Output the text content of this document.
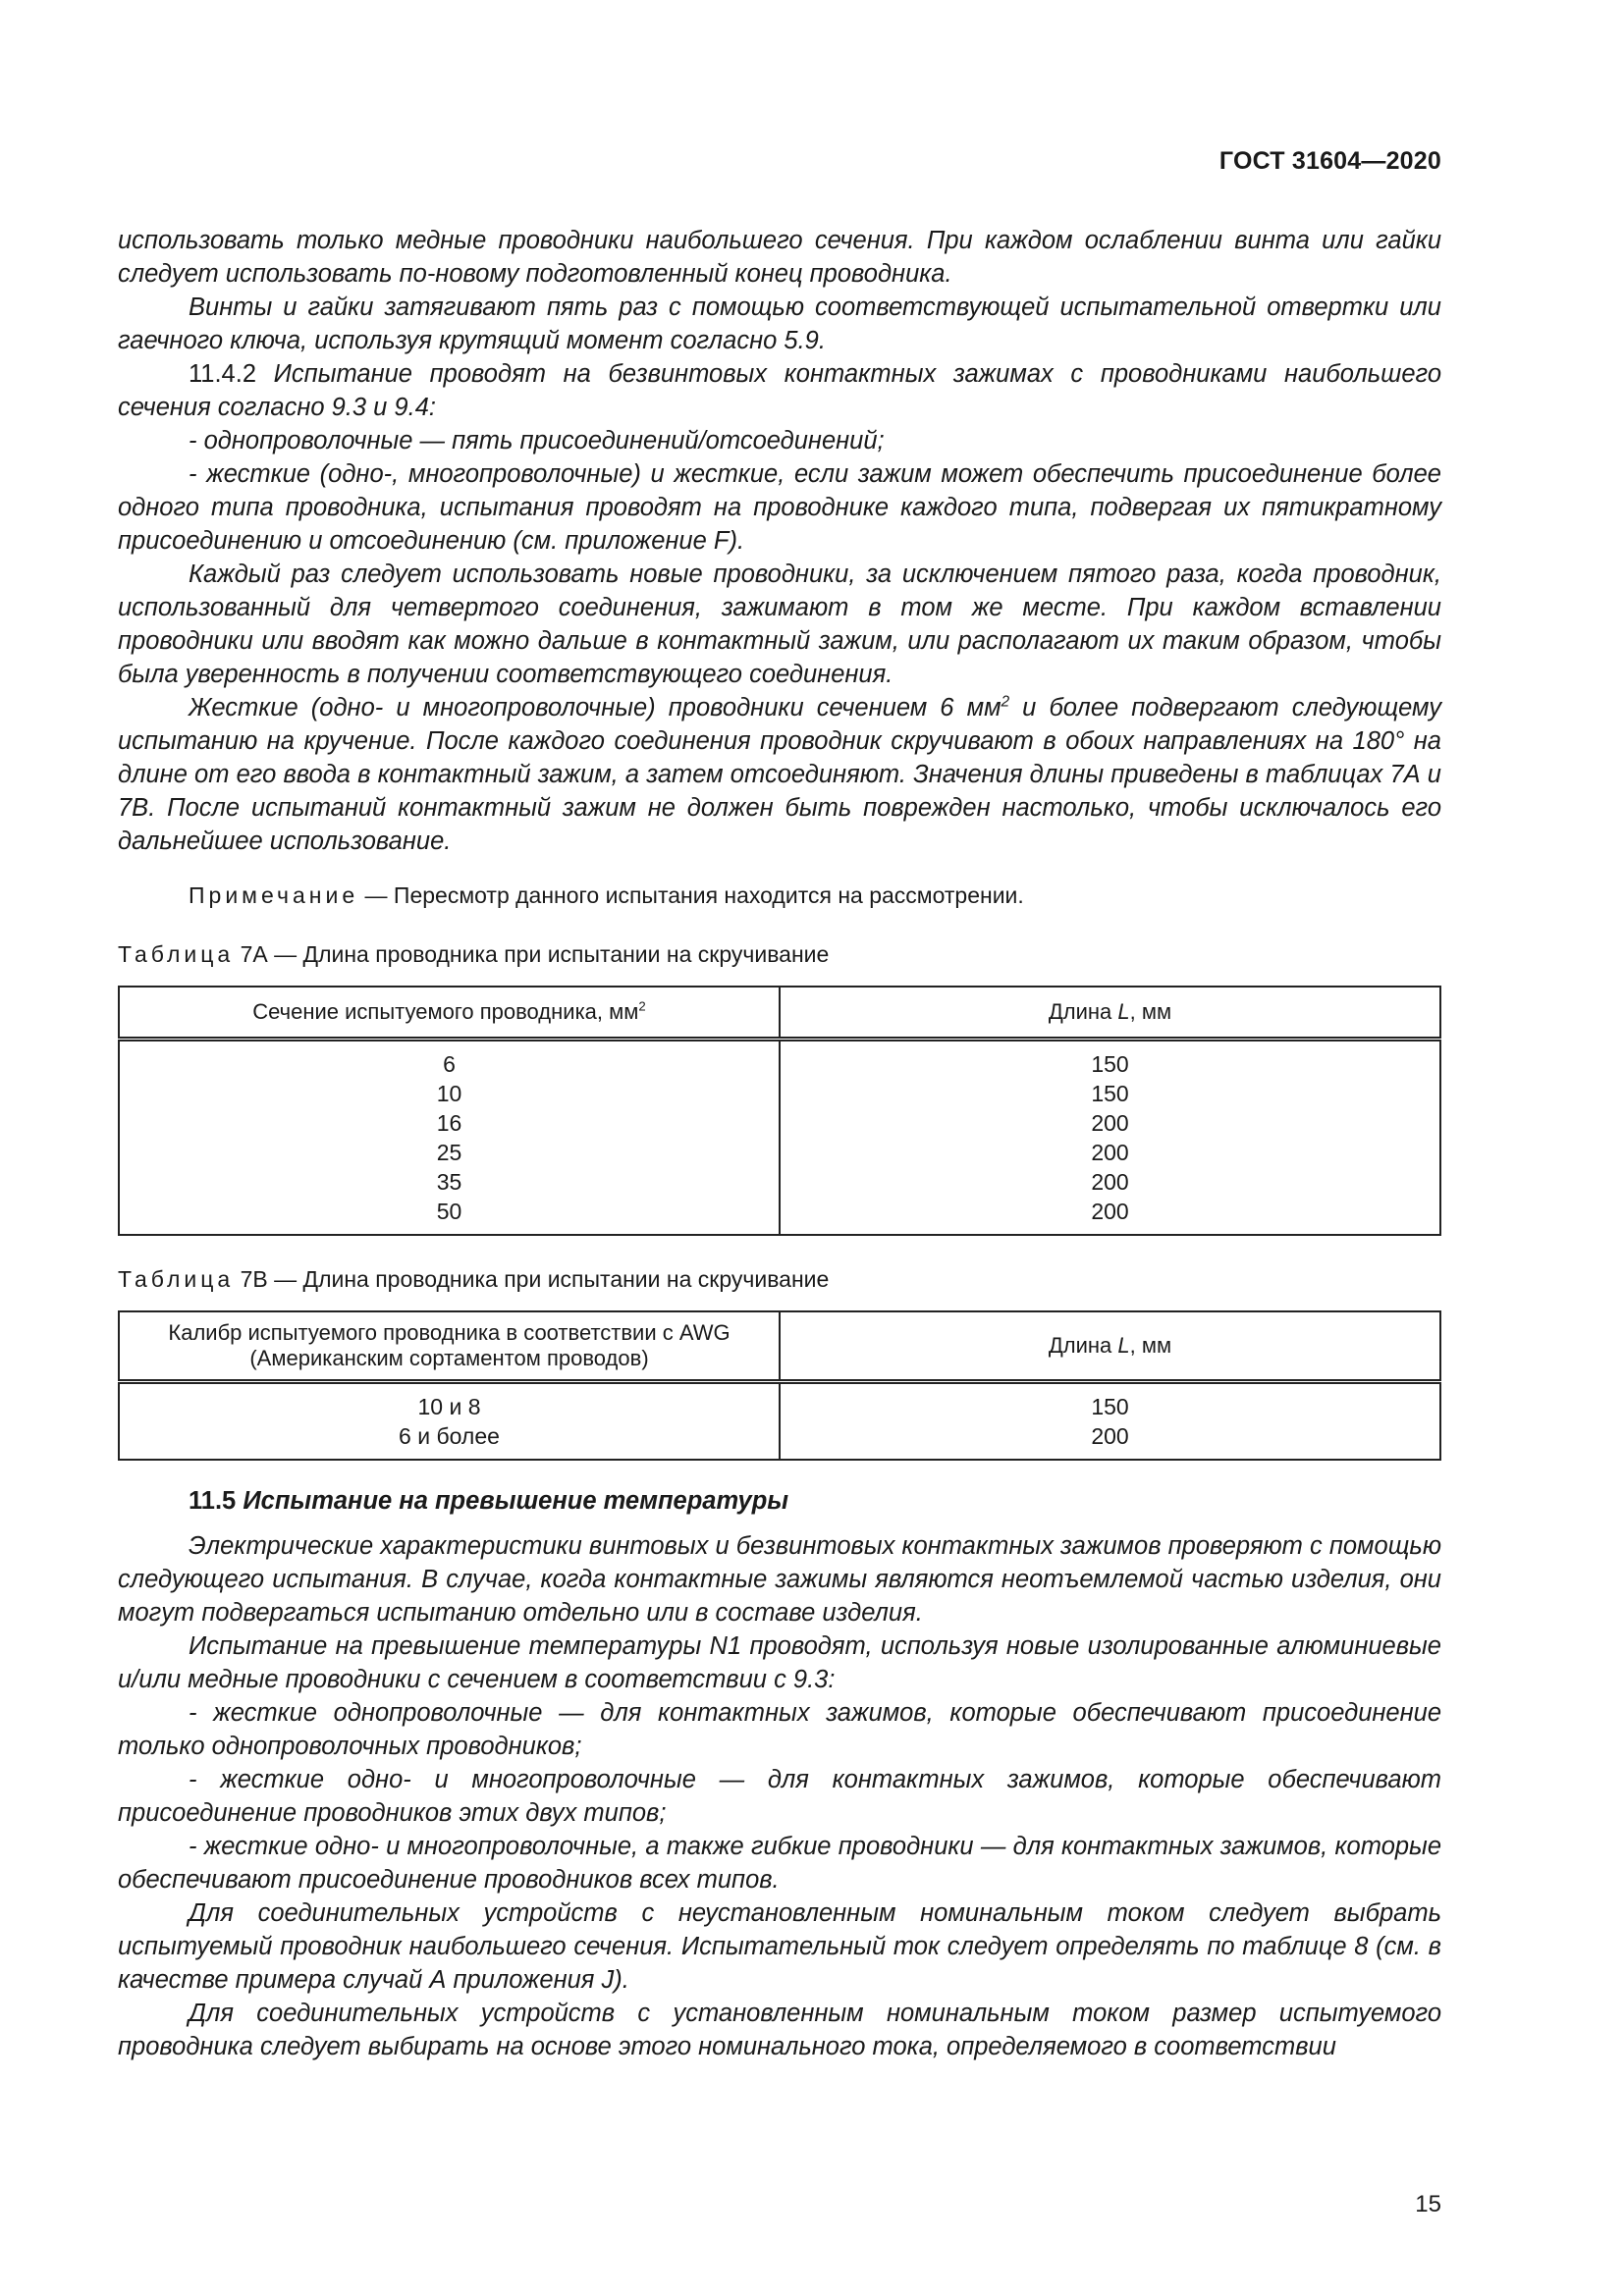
ГОСТ 31604—2020

использовать только медные проводники наибольшего сечения. При каждом ослаблении винта или гайки следует использовать по-новому подготовленный конец проводника.

Винты и гайки затягивают пять раз с помощью соответствующей испытательной отвертки или гаечного ключа, используя крутящий момент согласно 5.9.

11.4.2 Испытание проводят на безвинтовых контактных зажимах с проводниками наибольшего сечения согласно 9.3 и 9.4:

- однопроволочные — пять присоединений/отсоединений;

- жесткие (одно-, многопроволочные) и жесткие, если зажим может обеспечить присоединение более одного типа проводника, испытания проводят на проводнике каждого типа, подвергая их пятикратному присоединению и отсоединению (см. приложение F).

Каждый раз следует использовать новые проводники, за исключением пятого раза, когда проводник, использованный для четвертого соединения, зажимают в том же месте. При каждом вставлении проводники или вводят как можно дальше в контактный зажим, или располагают их таким образом, чтобы была уверенность в получении соответствующего соединения.

Жесткие (одно- и многопроволочные) проводники сечением 6 $мм^2$ и более подвергают следующему испытанию на кручение. После каждого соединения проводник скручивают в обоих направлениях на 180° на длине от его ввода в контактный зажим, а затем отсоединяют. Значения длины приведены в таблицах 7А и 7В. После испытаний контактный зажим не должен быть поврежден настолько, чтобы исключалось его дальнейшее использование.

Примечание — Пересмотр данного испытания находится на рассмотрении.

Таблица 7А — Длина проводника при испытании на скручивание

Сечение испытуемого проводника, $мм^2$	Длина L, мм
6	150
10	150
16	200
25	200
35	200
50	200

Таблица 7В — Длина проводника при испытании на скручивание

Калибр испытуемого проводника в соответствии с AWG
(Американским сортаментом проводов)	Длина L, мм
10 и 8	150
6 и более	200

11.5 Испытание на превышение температуры

Электрические характеристики винтовых и безвинтовых контактных зажимов проверяют с помощью следующего испытания. В случае, когда контактные зажимы являются неотъемлемой частью изделия, они могут подвергаться испытанию отдельно или в составе изделия.

Испытание на превышение температуры N1 проводят, используя новые изолированные алюминиевые и/или медные проводники с сечением в соответствии с 9.3:

- жесткие однопроволочные — для контактных зажимов, которые обеспечивают присоединение только однопроволочных проводников;

- жесткие одно- и многопроволочные — для контактных зажимов, которые обеспечивают присоединение проводников этих двух типов;

- жесткие одно- и многопроволочные, а также гибкие проводники — для контактных зажимов, которые обеспечивают присоединение проводников всех типов.

Для соединительных устройств с неустановленным номинальным током следует выбрать испытуемый проводник наибольшего сечения. Испытательный ток следует определять по таблице 8 (см. в качестве примера случай А приложения J).

Для соединительных устройств с установленным номинальным током размер испытуемого проводника следует выбирать на основе этого номинального тока, определяемого в соответствии

15
